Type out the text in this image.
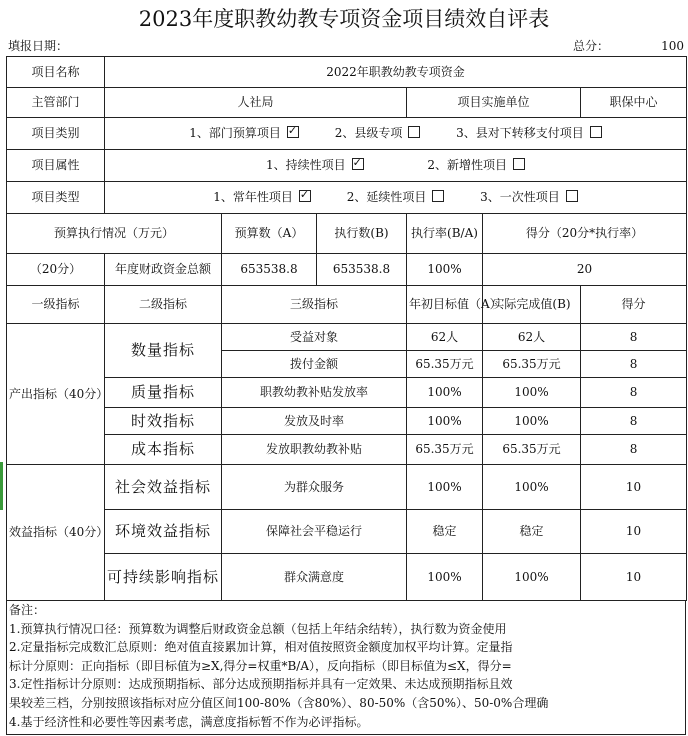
2023年度职教幼教专项资金项目绩效自评表
填报日期：	总分：	100
项目名称	2022年职教幼教专项资金					
主管部门	人社局			项目实施单位		职保中心
项目类别	1、部门预算项目 ✓ 2、县级专项 3、县对下转移支付项目
项目属性	1、持续性项目 ✓ 2、新增性项目
项目类型	1、常年性项目 ✓ 2、延续性项目 3、一次性项目
预算执行情况（万元）		预算数（A）	执行数(B)	执行率(B/A)	得分（20分*执行率）	
（20分）	年度财政资金总额	653538.8	653538.8	100%	20	
一级指标	二级指标	三级指标		年初目标值（A）	实际完成值(B)	得分
产出指标（40分）	数量指标	受益对象		62人	62人	8
		拨付金额		65.35万元	65.35万元	8
	质量指标	职教幼教补贴发放率		100%	100%	8
	时效指标	发放及时率		100%	100%	8
	成本指标	发放职教幼教补贴		65.35万元	65.35万元	8
效益指标（40分）	社会效益指标	为群众服务		100%	100%	10
	环境效益指标	保障社会平稳运行		稳定	稳定	10
	可持续影响指标	群众满意度		100%	100%	10
备注：
1.预算执行情况口径：预算数为调整后财政资金总额（包括上年结余结转），执行数为资金使用
2.定量指标完成数汇总原则：绝对值直接累加计算，相对值按照资金额度加权平均计算。定量指
标计分原则：正向指标（即目标值为≥X,得分=权重*B/A），反向指标（即目标值为≤X，得分=
3.定性指标计分原则：达成预期指标、部分达成预期指标并具有一定效果、未达成预期指标且效
果较差三档，分别按照该指标对应分值区间100-80%（含80%）、80-50%（含50%）、50-0%合理确
4.基于经济性和必要性等因素考虑，满意度指标暂不作为必评指标。
